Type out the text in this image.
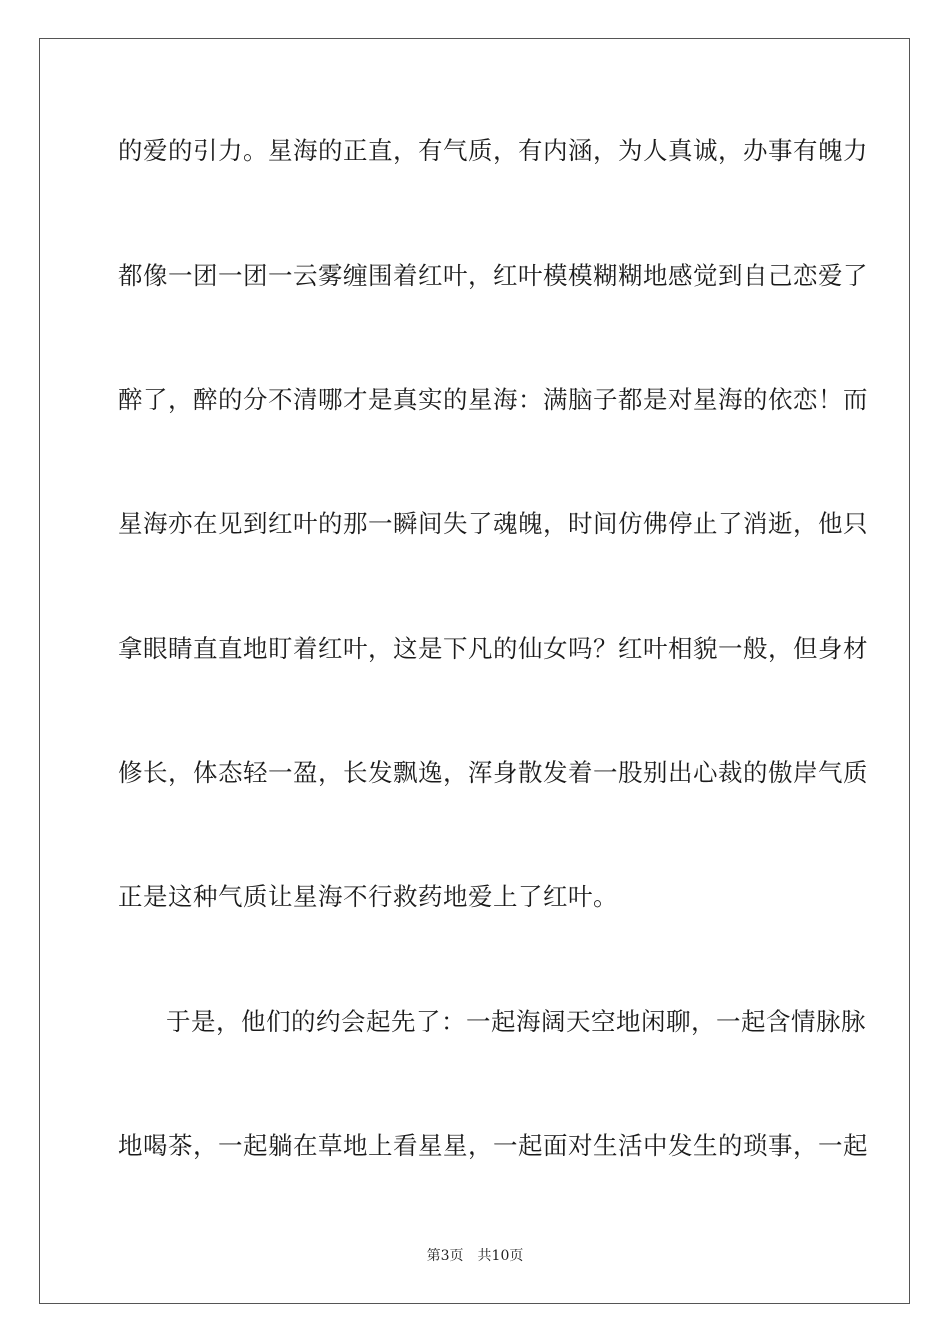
的爱的引力。星海的正直，有气质，有内涵，为人真诚，办事有魄力
都像一团一团一云雾缠围着红叶，红叶模模糊糊地感觉到自己恋爱了
醉了，醉的分不清哪才是真实的星海：满脑子都是对星海的依恋！而
星海亦在见到红叶的那一瞬间失了魂魄，时间仿佛停止了消逝，他只
拿眼睛直直地盯着红叶，这是下凡的仙女吗？红叶相貌一般，但身材
修长，体态轻一盈，长发飘逸，浑身散发着一股别出心裁的傲岸气质
正是这种气质让星海不行救药地爱上了红叶。
于是，他们的约会起先了：一起海阔天空地闲聊，一起含情脉脉
地喝茶，一起躺在草地上看星星，一起面对生活中发生的琐事，一起
第3页 共10页
